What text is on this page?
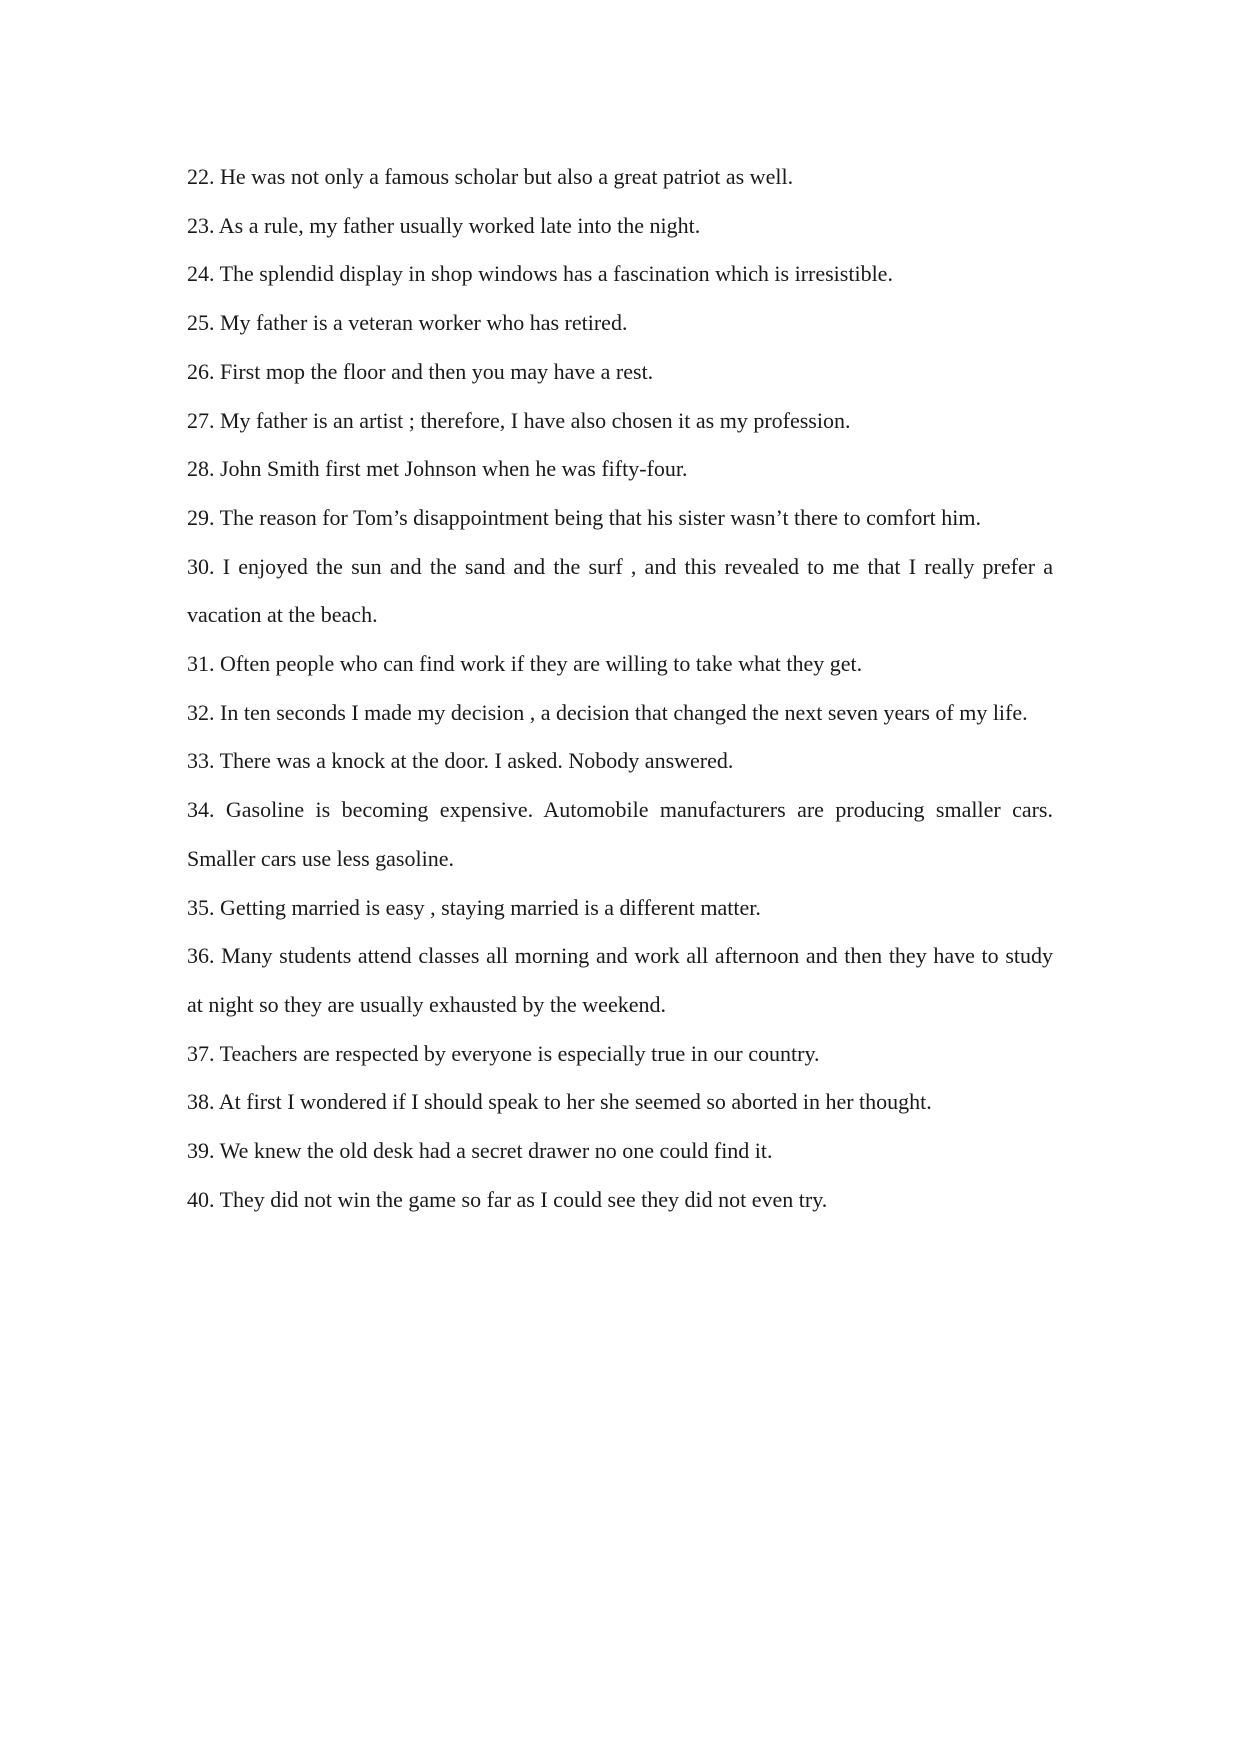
22. He was not only a famous scholar but also a great patriot as well.

23. As a rule, my father usually worked late into the night.

24. The splendid display in shop windows has a fascination which is irresistible.

25. My father is a veteran worker who has retired.

26. First mop the floor and then you may have a rest.

27. My father is an artist ; therefore, I have also chosen it as my profession.

28. John Smith first met Johnson when he was fifty-four.

29. The reason for Tom’s disappointment being that his sister wasn’t there to comfort him.

30. I enjoyed the sun and the sand and the surf , and this revealed to me that I really prefer a vacation at the beach.

31. Often people who can find work if they are willing to take what they get.

32. In ten seconds I made my decision , a decision that changed the next seven years of my life.

33. There was a knock at the door. I asked. Nobody answered.

34. Gasoline is becoming expensive. Automobile manufacturers are producing smaller cars. Smaller cars use less gasoline.

35. Getting married is easy , staying married is a different matter.

36. Many students attend classes all morning and work all afternoon and then they have to study at night so they are usually exhausted by the weekend.

37. Teachers are respected by everyone is especially true in our country.

38. At first I wondered if I should speak to her she seemed so aborted in her thought.

39. We knew the old desk had a secret drawer no one could find it.

40. They did not win the game so far as I could see they did not even try.
